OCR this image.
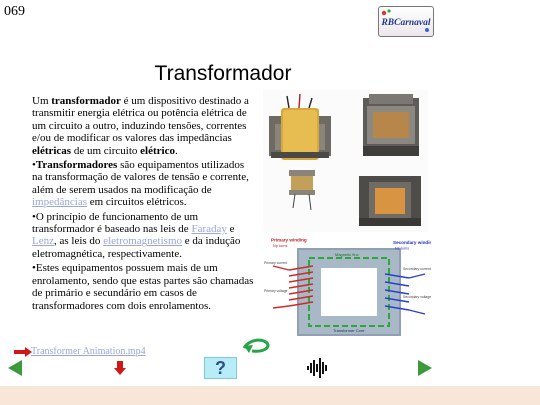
069
RBCarnaval
Transformador

Um transformador é um dispositivo destinado a transmitir energia elétrica ou potência elétrica de um circuito a outro, induzindo tensões, correntes e/ou de modificar os valores das impedâncias elétricas de um circuito elétrico.

•Transformadores são equipamentos utilizados na transformação de valores de tensão e corrente, além de serem usados na modificação de impedâncias em circuitos elétricos.

•O princípio de funcionamento de um transformador é baseado nas leis de Faraday e Lenz, as leis do eletromagnetismo e da indução eletromagnética, respectivamente.

•Estes equipamentos possuem mais de um enrolamento, sendo que estas partes são chamadas de primário e secundário em casos de transformadores com dois enrolamentos.

Primary winding
Np turns
Secondary winding
Ns turns
Magnetic flux
Transformer Core
Primary current
Primary voltage
Secondary current
Secondary voltage
Transformer Animation.mp4
?
